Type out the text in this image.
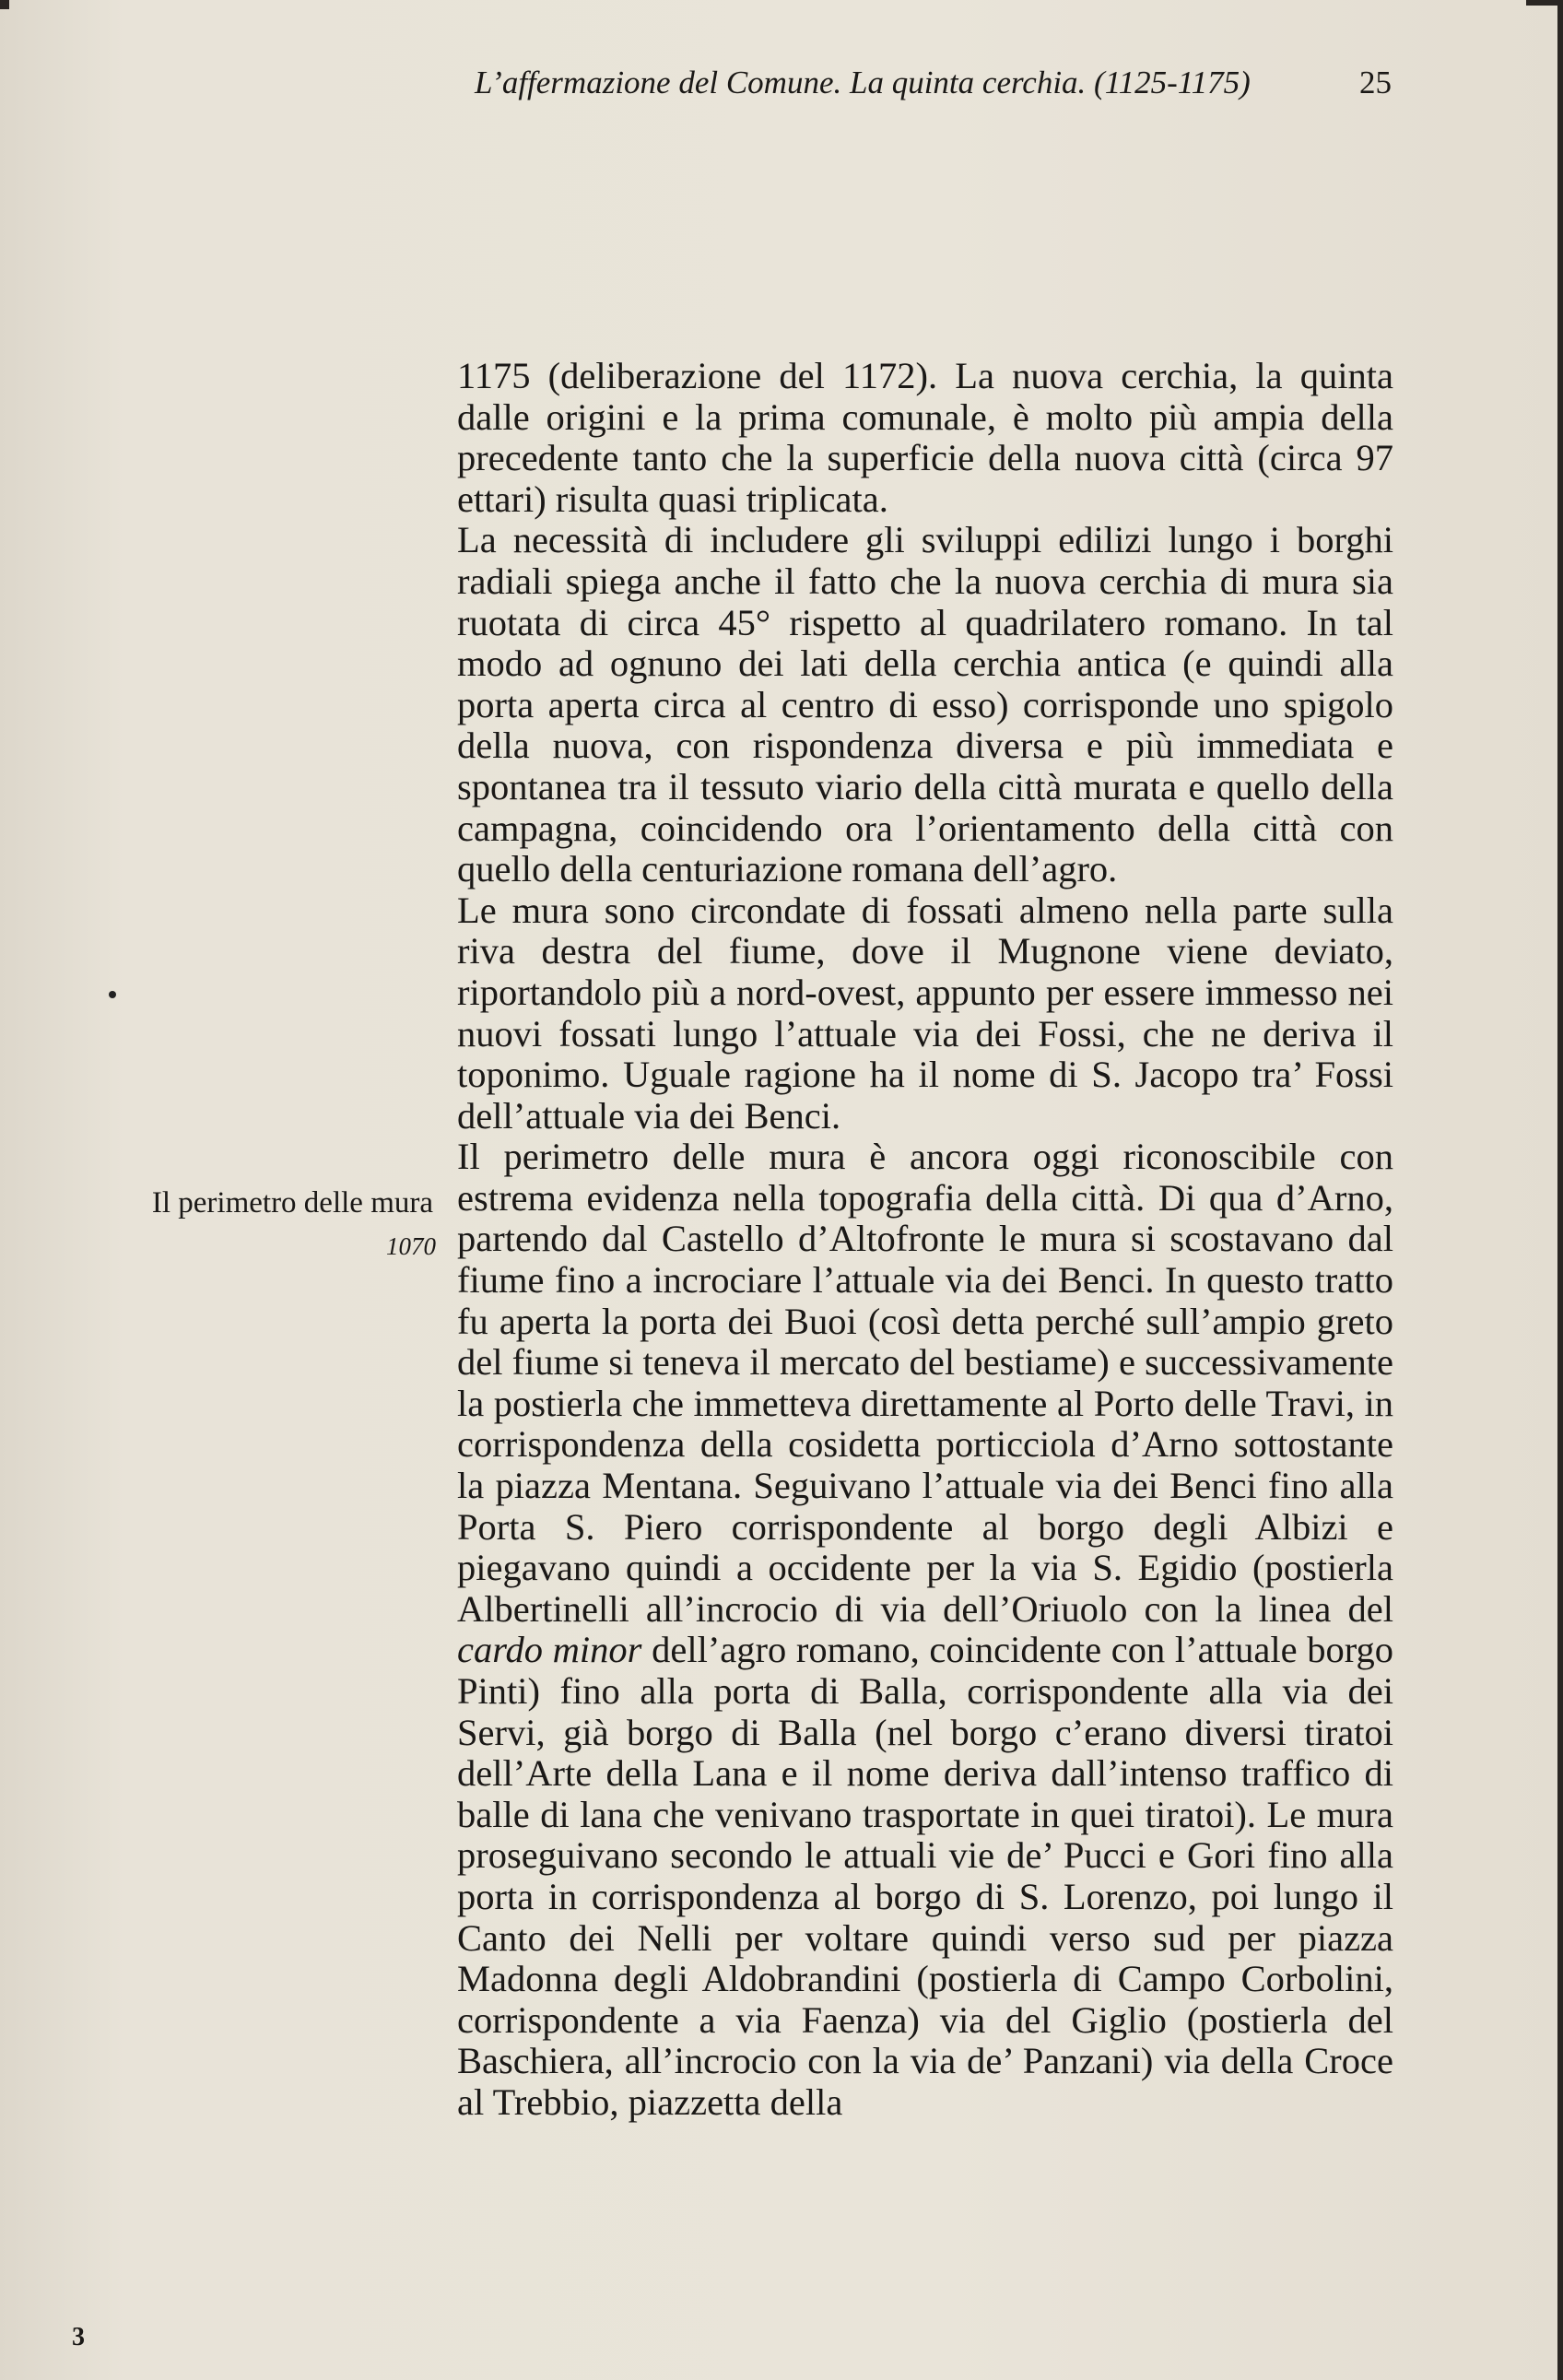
L’affermazione del Comune. La quinta cerchia. (1125-1175)	25
Il perimetro delle mura
1070

1175 (deliberazione del 1172). La nuova cerchia, la quinta dalle origini e la prima comunale, è molto più ampia della precedente tanto che la superficie della nuova città (circa 97 ettari) risulta quasi triplicata.

La necessità di includere gli sviluppi edilizi lungo i borghi radiali spiega anche il fatto che la nuova cerchia di mura sia ruotata di circa 45° rispetto al quadrilatero romano. In tal modo ad ognuno dei lati della cerchia antica (e quindi alla porta aperta circa al centro di esso) corrisponde uno spigolo della nuova, con rispondenza diversa e più immediata e spontanea tra il tessuto viario della città murata e quello della campagna, coincidendo ora l’orientamento della città con quello della centuriazione romana dell’agro.

Le mura sono circondate di fossati almeno nella parte sulla riva destra del fiume, dove il Mugnone viene deviato, riportandolo più a nord-ovest, appunto per essere immesso nei nuovi fossati lungo l’attuale via dei Fossi, che ne deriva il toponimo. Uguale ragione ha il nome di S. Jacopo tra’ Fossi dell’attuale via dei Benci.

Il perimetro delle mura è ancora oggi riconoscibile con estrema evidenza nella topografia della città. Di qua d’Arno, partendo dal Castello d’Altofronte le mura si scostavano dal fiume fino a incrociare l’attuale via dei Benci. In questo tratto fu aperta la porta dei Buoi (così detta perché sull’ampio greto del fiume si teneva il mercato del bestiame) e successivamente la postierla che immetteva direttamente al Porto delle Travi, in corrispondenza della cosidetta porticciola d’Arno sottostante la piazza Mentana. Seguivano l’attuale via dei Benci fino alla Porta S. Piero corrispondente al borgo degli Albizi e piegavano quindi a occidente per la via S. Egidio (postierla Albertinelli all’incrocio di via dell’Oriuolo con la linea del cardo minor dell’agro romano, coincidente con l’attuale borgo Pinti) fino alla porta di Balla, corrispondente alla via dei Servi, già borgo di Balla (nel borgo c’erano diversi tiratoi dell’Arte della Lana e il nome deriva dall’intenso traffico di balle di lana che venivano trasportate in quei tiratoi). Le mura proseguivano secondo le attuali vie de’ Pucci e Gori fino alla porta in corrispondenza al borgo di S. Lorenzo, poi lungo il Canto dei Nelli per voltare quindi verso sud per piazza Madonna degli Aldobrandini (postierla di Campo Corbolini, corrispondente a via Faenza) via del Giglio (postierla del Baschiera, all’incrocio con la via de’ Panzani) via della Croce al Trebbio, piazzetta della

3
